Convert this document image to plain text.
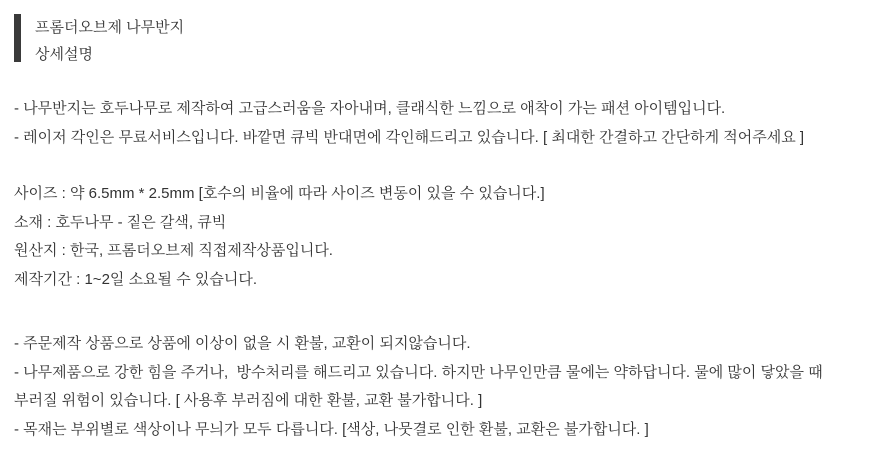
프롬더오브제 나무반지

상세설명

- 나무반지는 호두나무로 제작하여 고급스러움을 자아내며, 클래식한 느낌으로 애착이 가는 패션 아이템입니다.

- 레이저 각인은 무료서비스입니다. 바깥면 큐빅 반대면에 각인해드리고 있습니다. [ 최대한 간결하고 간단하게 적어주세요 ]

사이즈 : 약 6.5mm * 2.5mm [호수의 비율에 따라 사이즈 변동이 있을 수 있습니다.]

소재 : 호두나무 - 짙은 갈색, 큐빅

원산지 : 한국, 프롬더오브제 직접제작상품입니다.

제작기간 : 1~2일 소요될 수 있습니다.

- 주문제작 상품으로 상품에 이상이 없을 시 환불, 교환이 되지않습니다.

- 나무제품으로 강한 힘을 주거나,  방수처리를 해드리고 있습니다. 하지만 나무인만큼 물에는 약하답니다. 물에 많이 닿았을 때 부러질 위험이 있습니다. [ 사용후 부러짐에 대한 환불, 교환 불가합니다. ]

- 목재는 부위별로 색상이나 무늬가 모두 다릅니다. [색상, 나뭇결로 인한 환불, 교환은 불가합니다. ]
